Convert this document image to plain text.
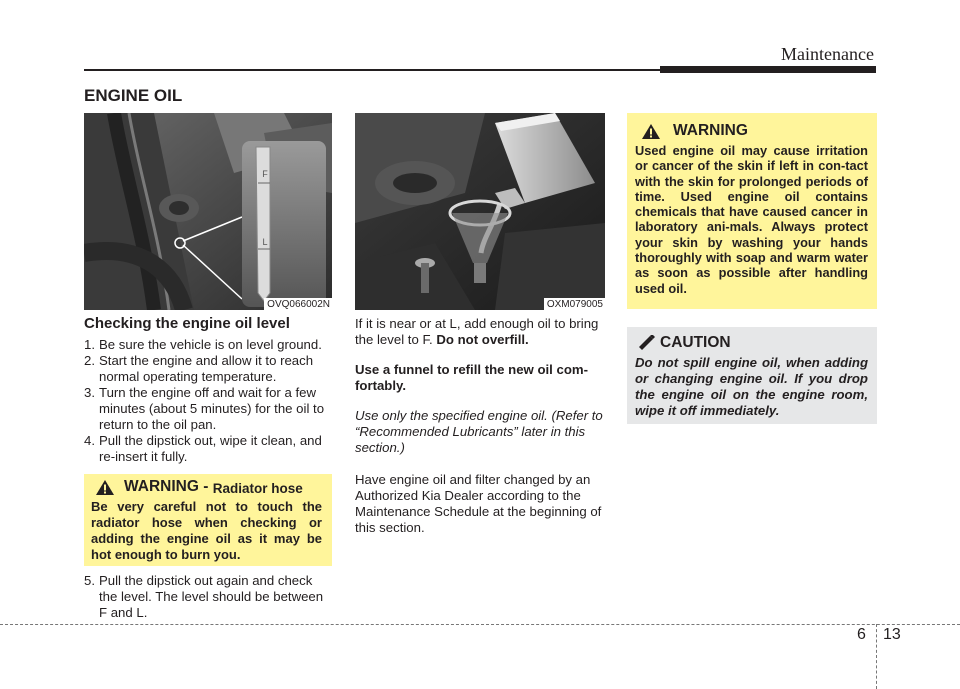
Maintenance
ENGINE OIL
F
L
OVQ066002N	OXM079005
Checking the engine oil level
1. Be sure the vehicle is on level ground.
2. Start the engine and allow it to reach normal operating temperature.
3. Turn the engine off and wait for a few minutes (about 5 minutes) for the oil to return to the oil pan.
4. Pull the dipstick out, wipe it clean, and re-insert it fully.
WARNING - Radiator hose
Be very careful not to touch the radiator hose when checking or adding the engine oil as it may be hot enough to burn you.
5. Pull the dipstick out again and check the level. The level should be between F and L.

If it is near or at L, add enough oil to bring the level to F. Do not overfill.

Use a funnel to refill the new oil com-fortably.

Use only the specified engine oil. (Refer to “Recommended Lubricants” later in this section.)

Have engine oil and filter changed by an Authorized Kia Dealer according to the Maintenance Schedule at the beginning of this section.

WARNING
Used engine oil may cause irritation or cancer of the skin if left in con-tact with the skin for prolonged periods of time. Used engine oil contains chemicals that have caused cancer in laboratory ani-mals. Always protect your skin by washing your hands thoroughly with soap and warm water as soon as possible after handling used oil.
CAUTION
Do not spill engine oil, when adding or changing engine oil. If you drop the engine oil on the engine room, wipe it off immediately.
6 13
